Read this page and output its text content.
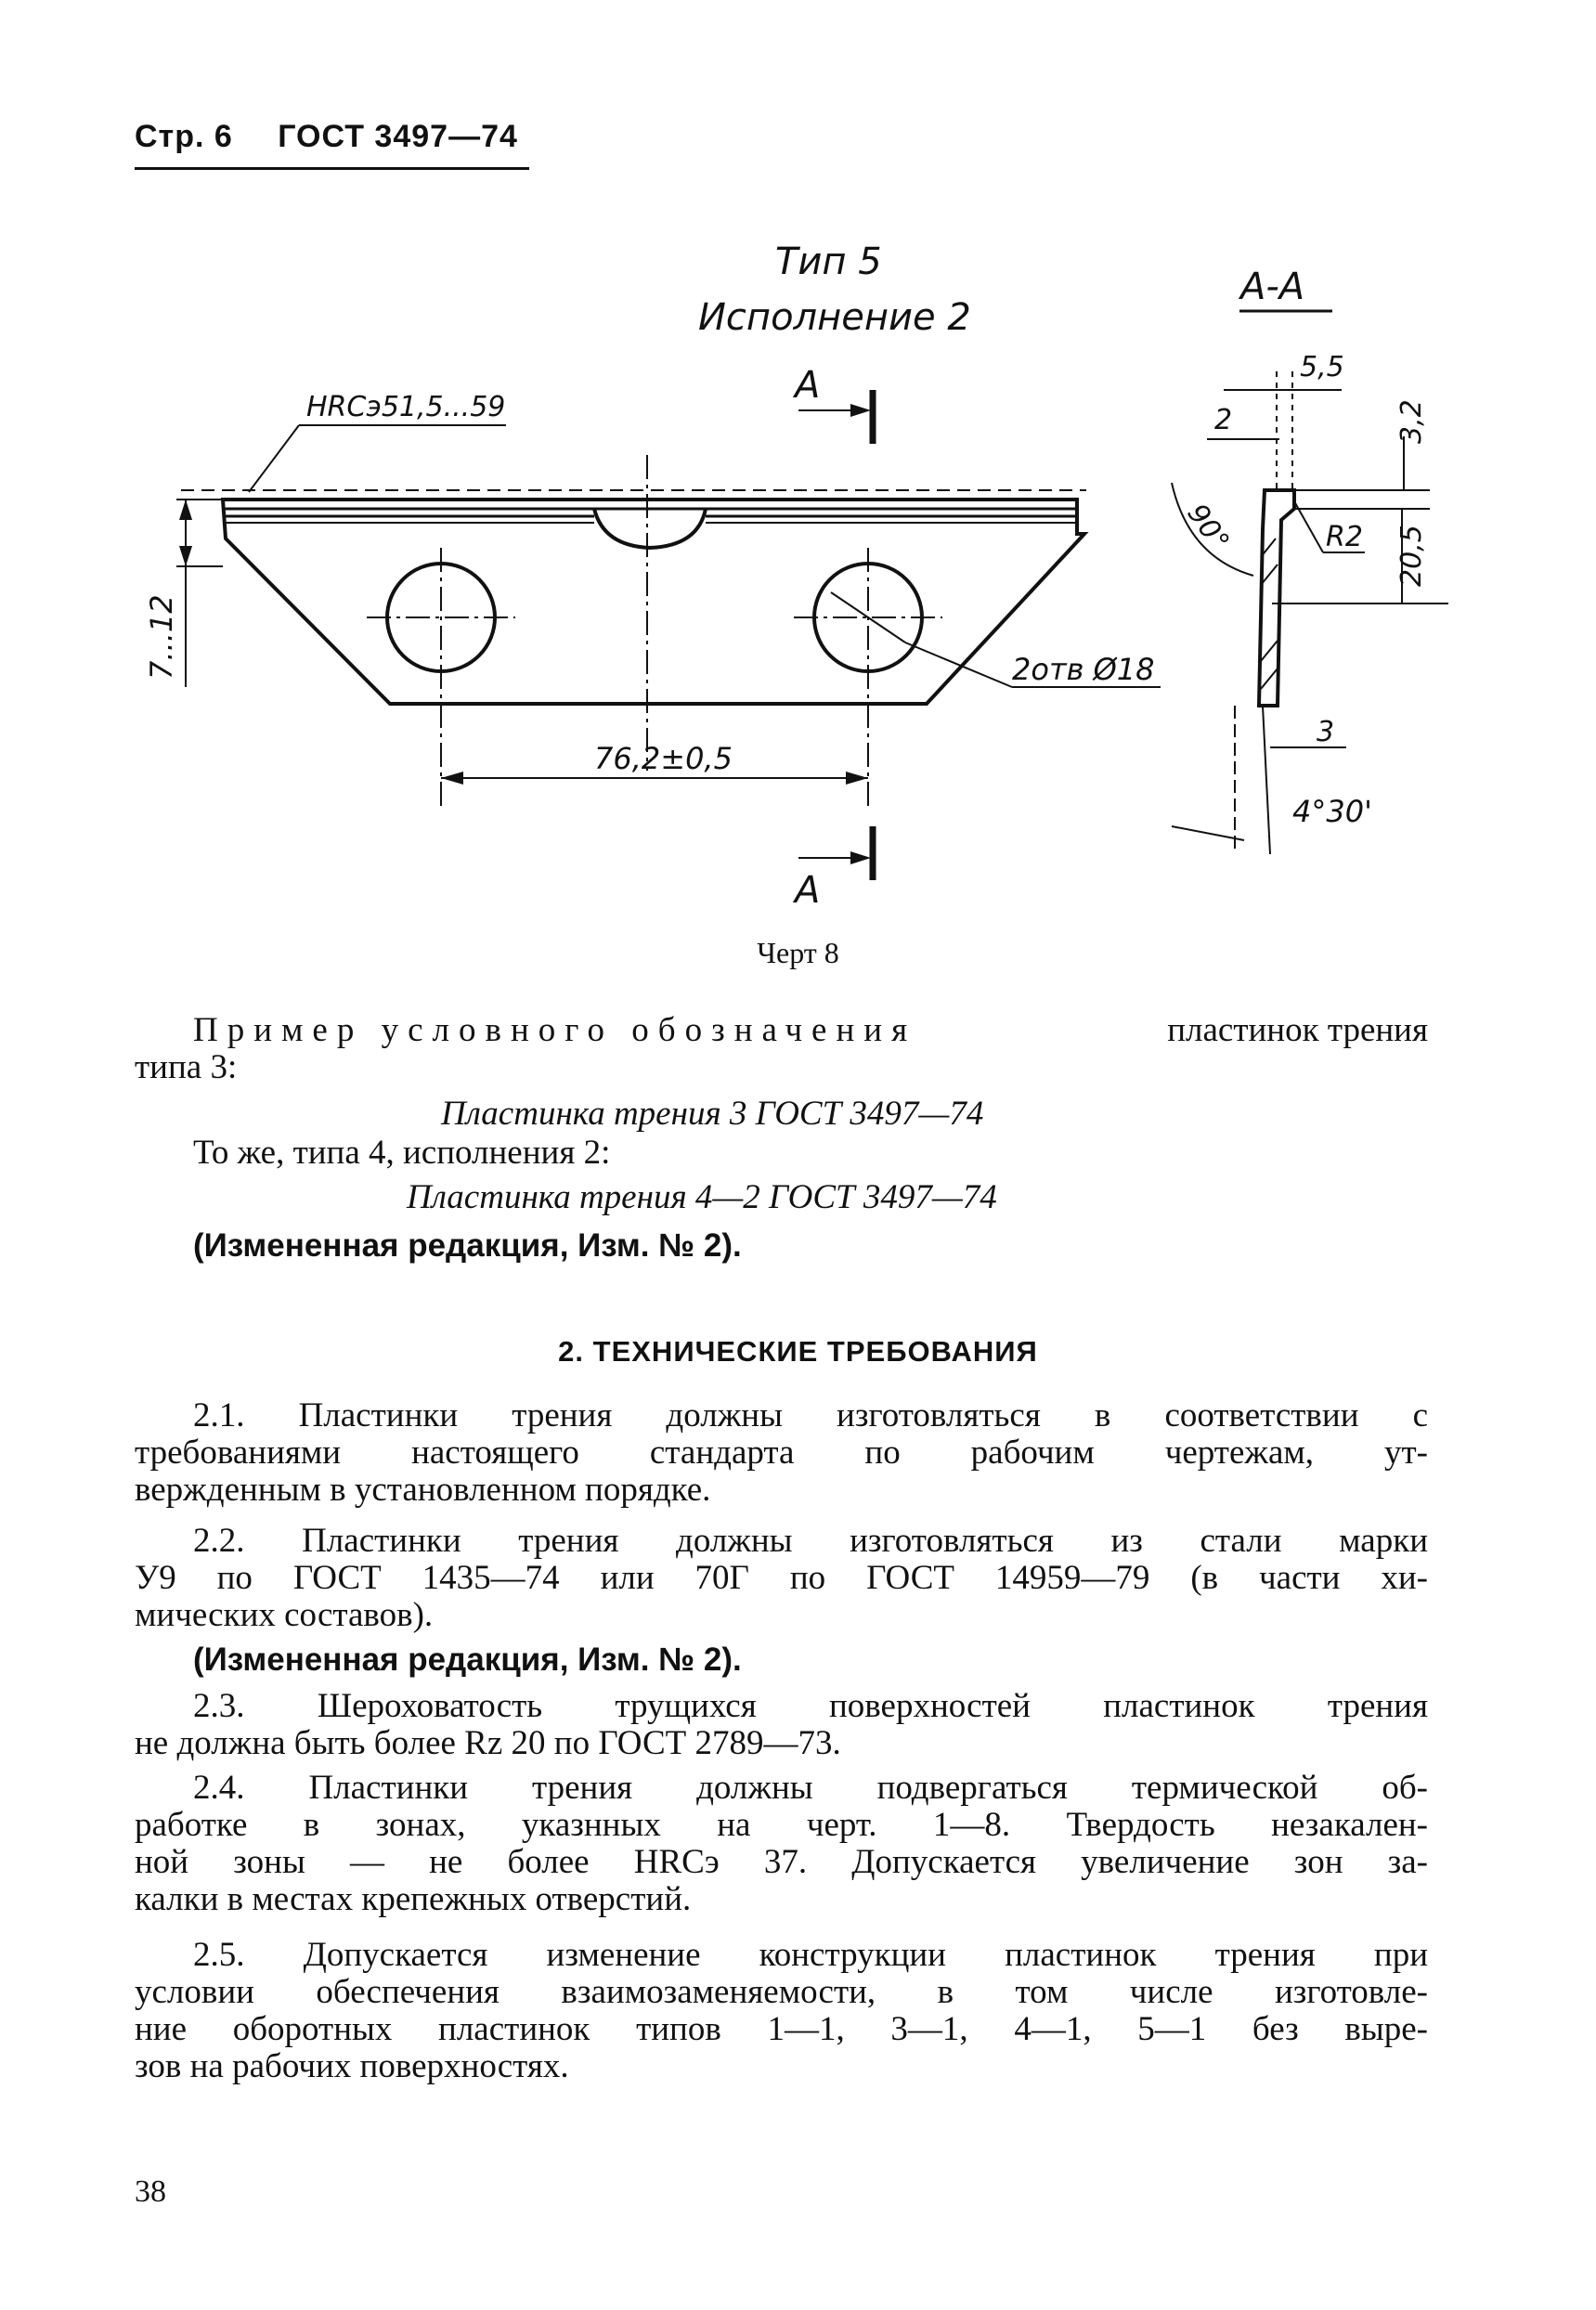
Стр. 6 ГОСТ 3497—74
Тип 5
Исполнение 2
А-А
А
А
HRCэ51,5...59
7...12	2отв Ø18
76,2±0,5
5,5
2	3,2
90°	R2 20,5
3
4°30'
Черт 8
Пример условного обозначения	пластинок трения
типа 3:
Пластинка трения 3 ГОСТ 3497—74
То же, типа 4, исполнения 2:
Пластинка трения 4—2 ГОСТ 3497—74
(Измененная редакция, Изм. № 2).
2. ТЕХНИЧЕСКИЕ ТРЕБОВАНИЯ
2.1. Пластинки трения должны изготовляться в соответствии с
требованиями настоящего стандарта по рабочим чертежам, ут-
вержденным в установленном порядке.
2.2. Пластинки трения должны изготовляться из стали марки
У9 по ГОСТ 1435—74 или 70Г по ГОСТ 14959—79 (в части хи-
мических составов).
(Измененная редакция, Изм. № 2).
2.3. Шероховатость трущихся поверхностей пластинок трения
не должна быть более Rz 20 по ГОСТ 2789—73.
2.4. Пластинки трения должны подвергаться термической об-
работке в зонах, указнных на черт. 1—8. Твердость незакален-
ной зоны — не более HRCэ 37. Допускается увеличение зон за-
калки в местах крепежных отверстий.
2.5. Допускается изменение конструкции пластинок трения при
условии обеспечения взаимозаменяемости, в том числе изготовле-
ние оборотных пластинок типов 1—1, 3—1, 4—1, 5—1 без выре-
зов на рабочих поверхностях.
38
